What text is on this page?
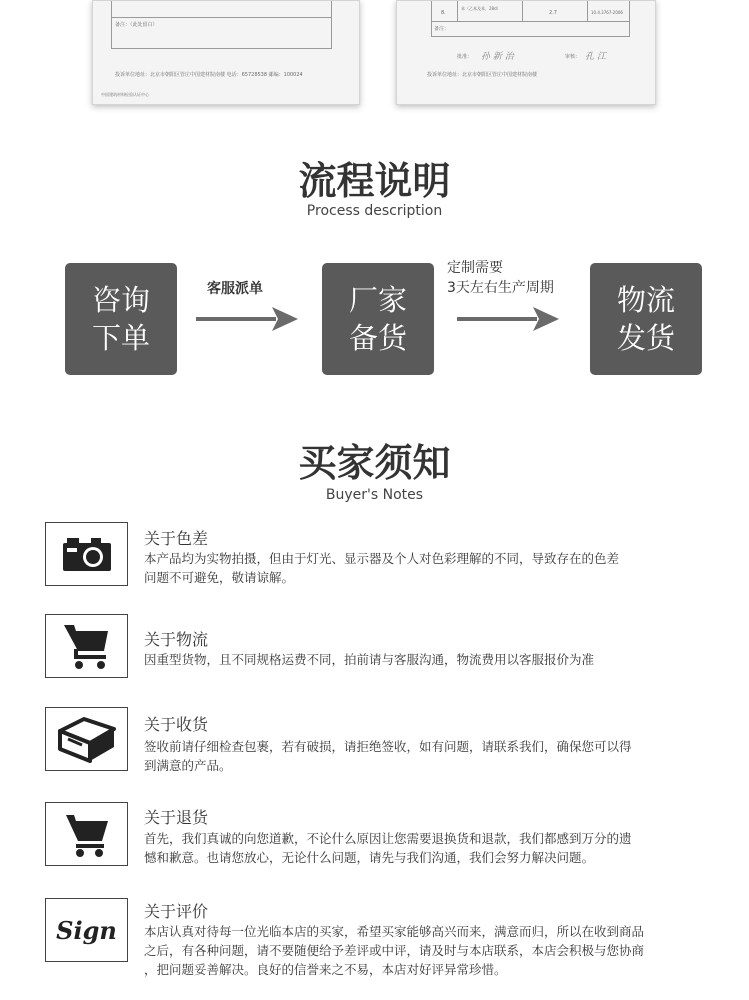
备注：（此处留白）
投诉单位地址：北京市朝阳区管庄中国建材院南楼 电话：65728538 邮编：100024
中国建筑材料检验认证中心
8.
苯（乙苯及苯，28d）
2.7	10.4.3767-2006
备注：
批准： 孙 新 治	审核： 孔 江
投诉单位地址：北京市朝阳区管庄中国建材院南楼
流程说明
Process description
咨询
下单
客服派单	厂家
备货
定制需要
3天左右生产周期 物流
发货
买家须知
Buyer's Notes
关于色差
本产品均为实物拍摄，但由于灯光、显示器及个人对色彩理解的不同，导致存在的色差
问题不可避免，敬请谅解。
关于物流
因重型货物，且不同规格运费不同，拍前请与客服沟通，物流费用以客服报价为准
关于收货
签收前请仔细检查包裹，若有破损，请拒绝签收，如有问题，请联系我们，确保您可以得
到满意的产品。
关于退货
首先，我们真诚的向您道歉，不论什么原因让您需要退换货和退款，我们都感到万分的遗
憾和歉意。也请您放心，无论什么问题，请先与我们沟通，我们会努力解决问题。
Sign
关于评价
本店认真对待每一位光临本店的买家，希望买家能够高兴而来，满意而归，所以在收到商品
之后，有各种问题，请不要随便给予差评或中评，请及时与本店联系，本店会积极与您协商
，把问题妥善解决。良好的信誉来之不易，本店对好评异常珍惜。
